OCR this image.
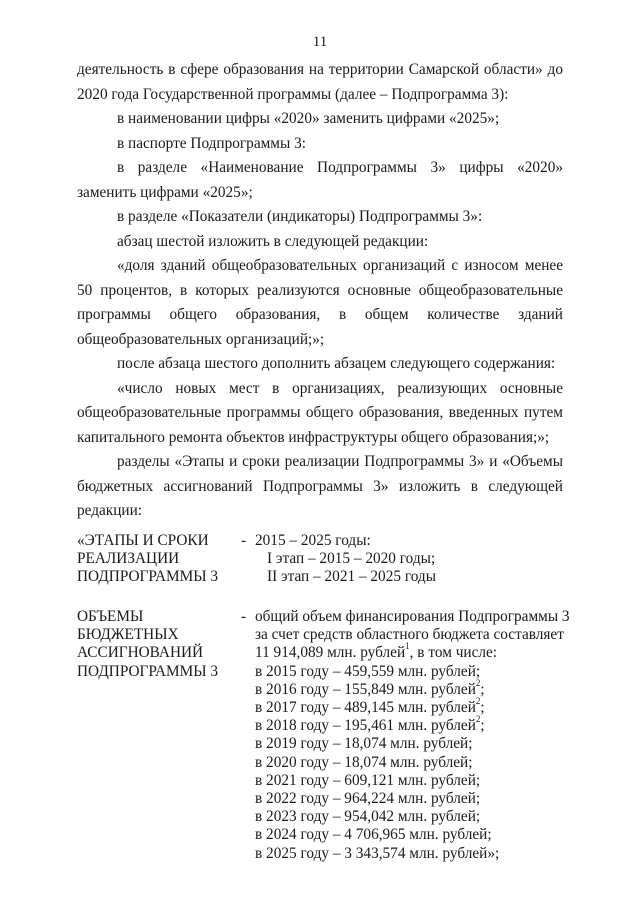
11

деятельность в сфере образования на территории Самарской области» до 2020 года Государственной программы (далее – Подпрограмма 3):

в наименовании цифры «2020» заменить цифрами «2025»;

в паспорте Подпрограммы 3:

в разделе «Наименование Подпрограммы 3» цифры «2020» заменить цифрами «2025»;

в разделе «Показатели (индикаторы) Подпрограммы 3»:

абзац шестой изложить в следующей редакции:

«доля зданий общеобразовательных организаций с износом менее 50 процентов, в которых реализуются основные общеобразовательные программы общего образования, в общем количестве зданий общеобразовательных организаций;»;

после абзаца шестого дополнить абзацем следующего содержания:

«число новых мест в организациях, реализующих основные общеобразовательные программы общего образования, введенных путем капитального ремонта объектов инфраструктуры общего образования;»;

разделы «Этапы и сроки реализации Подпрограммы 3» и «Объемы бюджетных ассигнований Подпрограммы 3» изложить в следующей редакции:

«ЭТАПЫ И СРОКИ
РЕАЛИЗАЦИИ
ПОДПРОГРАММЫ 3
- 2015 – 2025 годы:
I этап – 2015 – 2020 годы;
II этап – 2021 – 2025 годы
ОБЪЕМЫ
БЮДЖЕТНЫХ
АССИГНОВАНИЙ
ПОДПРОГРАММЫ 3
- общий объем финансирования Подпрограммы 3
за счет средств областного бюджета составляет
11 914,089 млн. рублей$^1$, в том числе:
в 2015 году – 459,559 млн. рублей;
в 2016 году – 155,849 млн. рублей$^2$;
в 2017 году – 489,145 млн. рублей$^2$;
в 2018 году – 195,461 млн. рублей$^2$;
в 2019 году – 18,074 млн. рублей;
в 2020 году – 18,074 млн. рублей;
в 2021 году – 609,121 млн. рублей;
в 2022 году – 964,224 млн. рублей;
в 2023 году – 954,042 млн. рублей;
в 2024 году – 4 706,965 млн. рублей;
в 2025 году – 3 343,574 млн. рублей»;
